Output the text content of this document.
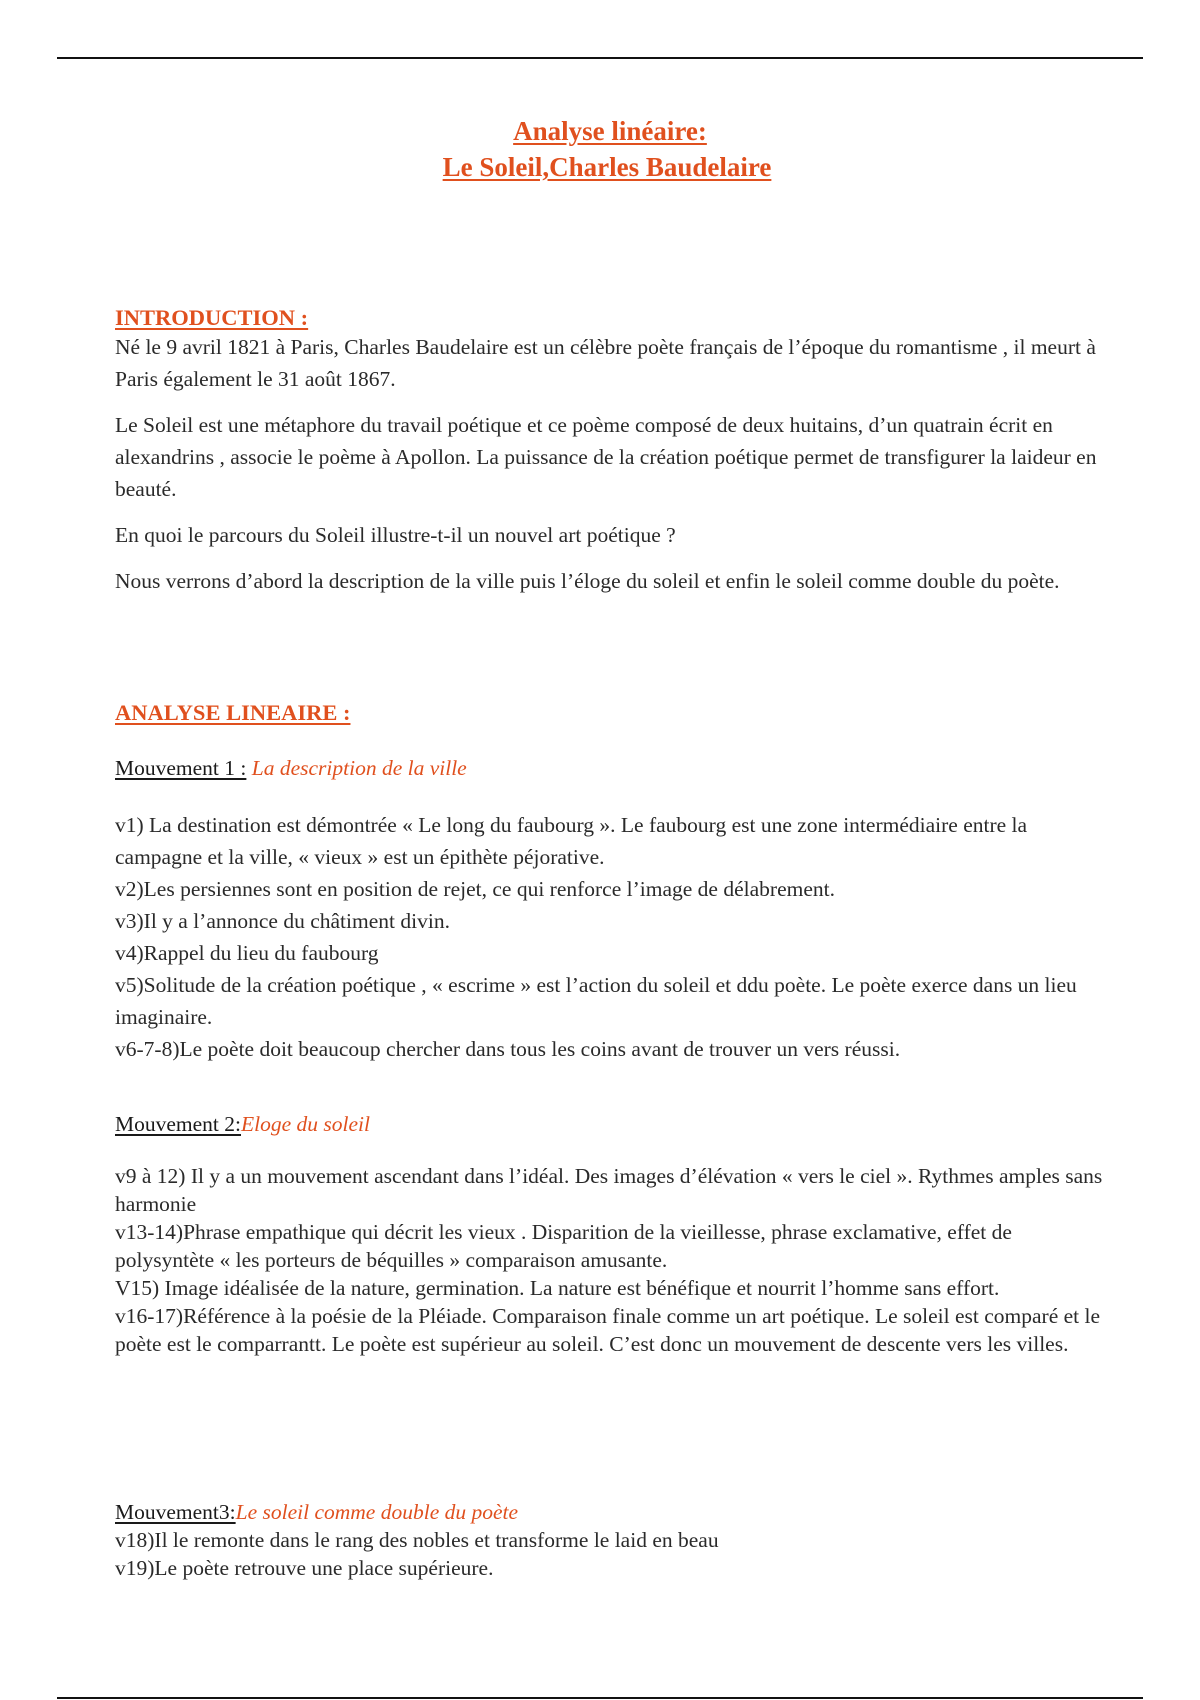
Analyse linéaire:
Le Soleil,Charles Baudelaire
INTRODUCTION :

Né le 9 avril 1821 à Paris, Charles Baudelaire est un célèbre poète français de l’époque du romantisme , il meurt à Paris également le 31 août 1867.

Le Soleil est une métaphore du travail poétique et ce poème composé de deux huitains, d’un quatrain écrit en alexandrins , associe le poème à Apollon. La puissance de la création poétique permet de transfigurer la laideur en beauté.

En quoi le parcours du Soleil illustre-t-il un nouvel art poétique ?

Nous verrons d’abord la description de la ville puis l’éloge du soleil et enfin le soleil comme double du poète.

ANALYSE LINEAIRE :
Mouvement 1 : La description de la ville
v1) La destination est démontrée « Le long du faubourg ». Le faubourg est une zone intermédiaire entre la campagne et la ville, « vieux » est un épithète péjorative.
v2)Les persiennes sont en position de rejet, ce qui renforce l’image de délabrement.
v3)Il y a l’annonce du châtiment divin.
v4)Rappel du lieu du faubourg
v5)Solitude de la création poétique , « escrime » est l’action du soleil et ddu poète. Le poète exerce dans un lieu imaginaire.
v6-7-8)Le poète doit beaucoup chercher dans tous les coins avant de trouver un vers réussi.
Mouvement 2:Eloge du soleil
v9 à 12) Il y a un mouvement ascendant dans l’idéal. Des images d’élévation « vers le ciel ». Rythmes amples sans harmonie
v13-14)Phrase empathique qui décrit les vieux . Disparition de la vieillesse, phrase exclamative, effet de polysyntète « les porteurs de béquilles » comparaison amusante.
V15) Image idéalisée de la nature, germination. La nature est bénéfique et nourrit l’homme sans effort.
v16-17)Référence à la poésie de la Pléiade. Comparaison finale comme un art poétique. Le soleil est comparé et le poète est le comparrantt. Le poète est supérieur au soleil. C’est donc un mouvement de descente vers les villes.
Mouvement3:Le soleil comme double du poète
v18)Il le remonte dans le rang des nobles et transforme le laid en beau
v19)Le poète retrouve une place supérieure.
